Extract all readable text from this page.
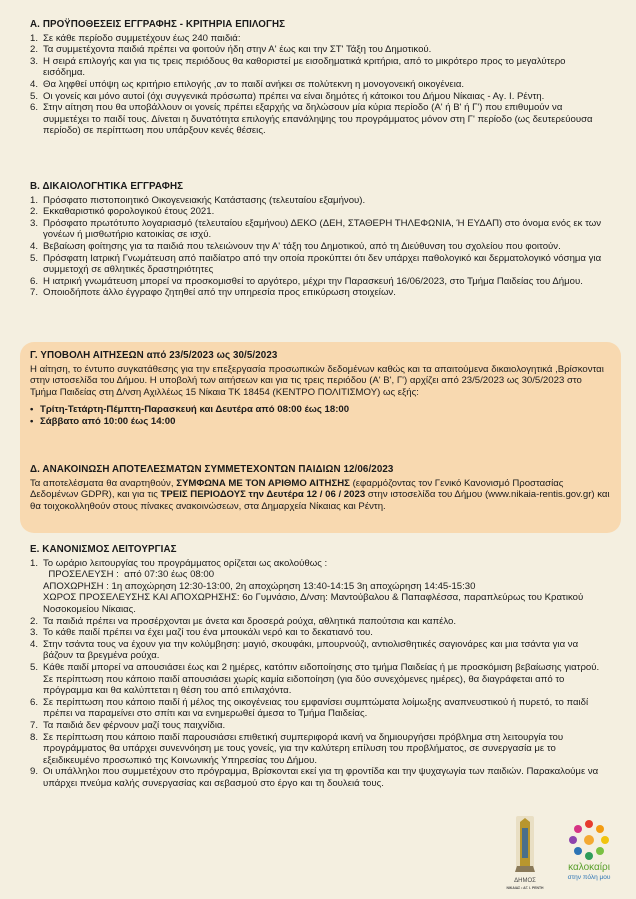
Α. ΠΡΟΫΠΟΘΕΣΕΙΣ ΕΓΓΡΑΦΗΣ - ΚΡΙΤΗΡΙΑ ΕΠΙΛΟΓΗΣ
1. Σε κάθε περίοδο συμμετέχουν έως 240 παιδιά:
2. Τα συμμετέχοντα παιδιά πρέπει να φοιτούν ήδη στην Α' έως και την ΣΤ' Τάξη του Δημοτικού.
3. Η σειρά επιλογής και για τις τρεις περιόδους θα καθοριστεί με εισοδηματικά κριτήρια, από το μικρότερο προς το μεγαλύτερο εισόδημα.
4. Θα ληφθεί υπόψη ως κριτήριο επιλογής ,αν το παιδί ανήκει σε πολύτεκνη η μονογονεική οικογένεια.
5. Οι γονείς και μόνο αυτοί (όχι συγγενικά πρόσωπα) πρέπει να είναι δημότες ή κάτοικοι του Δήμου Νίκαιας - Αγ. Ι. Ρέντη.
6. Στην αίτηση που θα υποβάλλουν οι γονείς πρέπει εξαρχής να δηλώσουν μία κύρια περίοδο (Α' ή Β' ή Γ') που επιθυμούν να συμμετέχει το παιδί τους. Δίνεται η δυνατότητα επιλογής επανάληψης του προγράμματος μόνον στη Γ' περίοδο (ως δευτερεύουσα περίοδο) σε περίπτωση που υπάρξουν κενές θέσεις.
Β. ΔΙΚΑΙΟΛΟΓΗΤΙΚΑ ΕΓΓΡΑΦΗΣ
1. Πρόσφατο πιστοποιητικό Οικογενειακής Κατάστασης (τελευταίου εξαμήνου).
2. Εκκαθαριστικό φορολογικού έτους 2021.
3. Πρόσφατο πρωτότυπο λογαριασμό (τελευταίου εξαμήνου) ΔΕΚΟ (ΔΕΗ, ΣΤΑΘΕΡΗ ΤΗΛΕΦΩΝΙΑ, Ή ΕΥΔΑΠ) στο όνομα ενός εκ των γονέων ή μισθωτήριο κατοικίας σε ισχύ.
4. Βεβαίωση φοίτησης για τα παιδιά που τελειώνουν την Α' τάξη του Δημοτικού, από τη Διεύθυνση του σχολείου που φοιτούν.
5. Πρόσφατη Ιατρική Γνωμάτευση από παιδίατρο από την οποία προκύπτει ότι δεν υπάρχει παθολογικό και δερματολογικό νόσημα για συμμετοχή σε αθλητικές δραστηριότητες
6. Η ιατρική γνωμάτευση μπορεί να προσκομισθεί το αργότερο, μέχρι την Παρασκευή 16/06/2023, στο Τμήμα Παιδείας του Δήμου.
7. Οποιοδήποτε άλλο έγγραφο ζητηθεί από την υπηρεσία προς επικύρωση στοιχείων.
Γ. ΥΠΟΒΟΛΗ ΑΙΤΗΣΕΩΝ από 23/5/2023 ως 30/5/2023
Η αίτηση, το έντυπο συγκατάθεσης για την επεξεργασία προσωπικών δεδομένων καθώς και τα απαιτούμενα δικαιολογητικά ,Βρίσκονται στην ιστοσελίδα του Δήμου. Η υποβολή των αιτήσεων και για τις τρεις περιόδου (Α' Β', Γ') αρχίζει από 23/5/2023 ως 30/5/2023 στο Τμήμα Παιδείας στη Δ/νση Αχιλλέως 15 Νίκαια ΤΚ 18454 (ΚΕΝΤΡΟ ΠΟΛΙΤΙΣΜΟΥ) ως εξής:
• Τρίτη-Τετάρτη-Πέμπτη-Παρασκευή και Δευτέρα από 08:00 έως 18:00
• Σάββατο από 10:00 έως 14:00
Δ. ΑΝΑΚΟΙΝΩΣΗ ΑΠΟΤΕΛΕΣΜΑΤΩΝ ΣΥΜΜΕΤΕΧΟΝΤΩΝ ΠΑΙΔΙΩΝ 12/06/2023
Τα αποτελέσματα θα αναρτηθούν, ΣΥΜΦΩΝΑ ΜΕ ΤΟΝ ΑΡΙΘΜΟ ΑΙΤΗΣΗΣ (εφαρμόζοντας τον Γενικό Κανονισμό Προστασίας Δεδομένων GDPR), και για τις ΤΡΕΙΣ ΠΕΡΙΟΔΟΥΣ την Δευτέρα 12 / 06 / 2023 στην ιστοσελίδα του Δήμου (www.nikaia-rentis.gov.gr) και θα τοιχοκολληθούν στους πίνακες ανακοινώσεων, στα Δημαρχεία Νίκαιας και Ρέντη.
Ε. ΚΑΝΟΝΙΣΜΟΣ ΛΕΙΤΟΥΡΓΙΑΣ
1. Το ωράριο λειτουργίας του προγράμματος ορίζεται ως ακολούθως :
ΠΡΟΣΕΛΕΥΣΗ :  από 07:30 έως 08:00
ΑΠΟΧΩΡΗΣΗ : 1η αποχώρηση 12:30-13:00, 2η αποχώρηση 13:40-14:15 3η αποχώρηση 14:45-15:30
ΧΩΡΟΣ ΠΡΟΣΕΛΕΥΣΗΣ ΚΑΙ ΑΠΟΧΩΡΗΣΗΣ: 6ο Γυμνάσιο, Δ/νση: Μαντούβαλου & Παπαφλέσσα, παραπλεύρως του Κρατικού Νοσοκομείου Νίκαιας.
2. Τα παιδιά πρέπει να προσέρχονται με άνετα και δροσερά ρούχα, αθλητικά παπούτσια και καπέλο.
3. Το κάθε παιδί πρέπει να έχει μαζί του ένα μπουκάλι νερό και το δεκατιανό του.
4. Στην τσάντα τους να έχουν για την κολύμβηση: μαγιό, σκουφάκι, μπουρνούζι, αντιολισθητικές σαγιονάρες και μια τσάντα για να βάζουν τα βρεγμένα ρούχα.
5. Κάθε παιδί μπορεί να απουσιάσει έως και 2 ημέρες, κατόπιν ειδοποίησης στο τμήμα Παιδείας ή με προσκόμιση βεβαίωσης γιατρού. Σε περίπτωση που κάποιο παιδί απουσιάσει χωρίς καμία ειδοποίηση (για δύο συνεχόμενες ημέρες), θα διαγράφεται από το πρόγραμμα και θα καλύπτεται η θέση του από επιλαχόντα.
6. Σε περίπτωση που κάποιο παιδί ή μέλος της οικογένειας του εμφανίσει συμπτώματα λοίμωξης αναπνευστικού ή πυρετό, το παιδί πρέπει να παραμείνει στο σπίτι και να ενημερωθεί άμεσα το Τμήμα Παιδείας.
7. Τα παιδιά δεν φέρνουν μαζί τους παιχνίδια.
8. Σε περίπτωση που κάποιο παιδί παρουσιάσει επιθετική συμπεριφορά ικανή να δημιουργήσει πρόβλημα στη λειτουργία του προγράμματος θα υπάρχει συνεννόηση με τους γονείς, για την καλύτερη επίλυση του προβλήματος, σε συνεργασία με το εξειδικευμένο προσωπικό της Κοινωνικής Υπηρεσίας του Δήμου.
9. Οι υπάλληλοι που συμμετέχουν στο πρόγραμμα, Βρίσκονται εκεί για τη φροντίδα και την ψυχαγωγία των παιδιών. Παρακαλούμε να υπάρχει πνεύμα καλής συνεργασίας και σεβασμού στο έργο και τη δουλειά τους.
ΔΗΜΟΣ
ΝΙΚΑΙΑΣ • ΑΓ. Ι. ΡΕΝΤΗ
καλοκαίρι
στην πόλη μου
